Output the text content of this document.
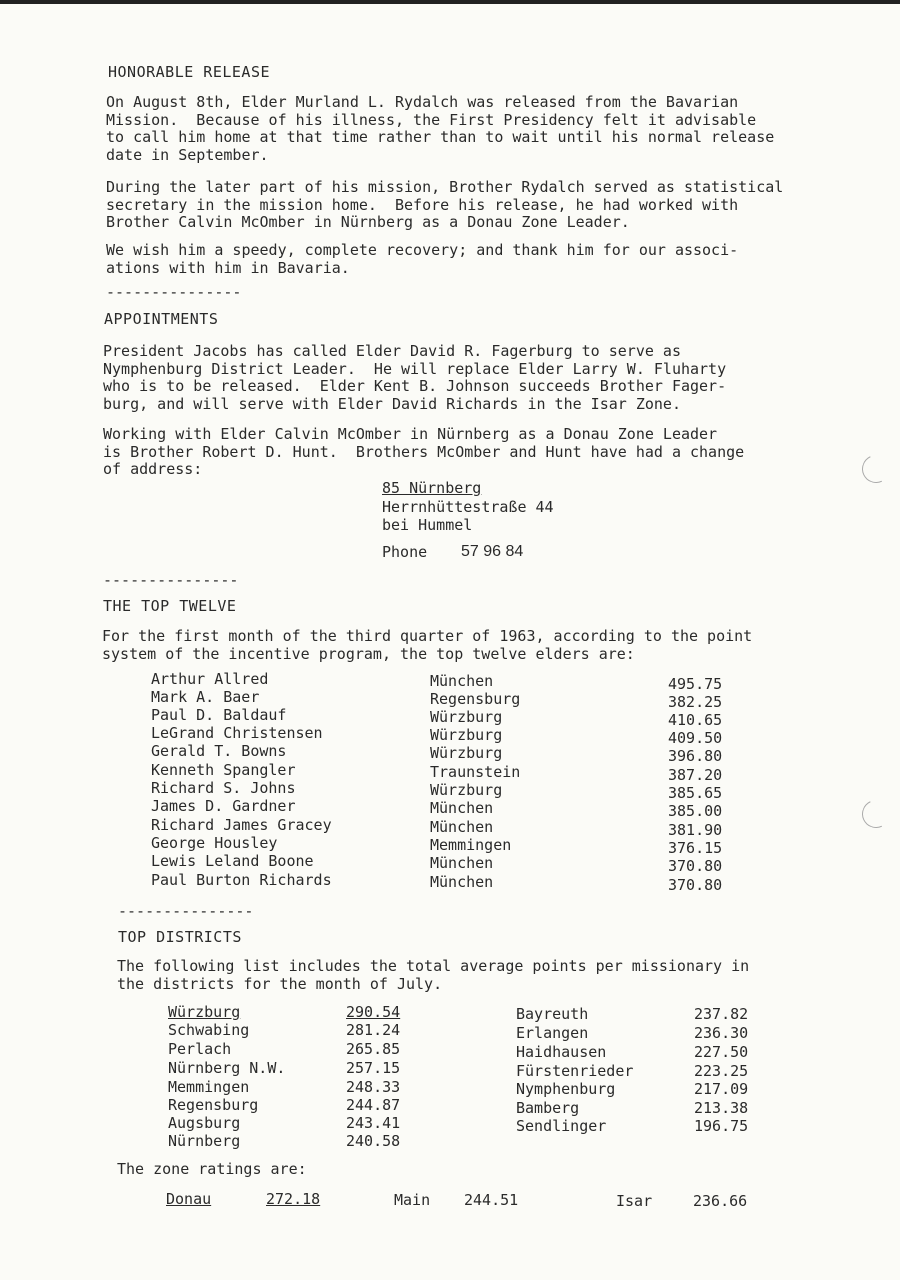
HONORABLE RELEASE
On August 8th, Elder Murland L. Rydalch was released from the Bavarian
Mission.  Because of his illness, the First Presidency felt it advisable
to call him home at that time rather than to wait until his normal release
date in September.
During the later part of his mission, Brother Rydalch served as statistical
secretary in the mission home.  Before his release, he had worked with
Brother Calvin McOmber in Nürnberg as a Donau Zone Leader.
We wish him a speedy, complete recovery; and thank him for our associ-
ations with him in Bavaria.
---------------
APPOINTMENTS
President Jacobs has called Elder David R. Fagerburg to serve as
Nymphenburg District Leader.  He will replace Elder Larry W. Fluharty
who is to be released.  Elder Kent B. Johnson succeeds Brother Fager-
burg, and will serve with Elder David Richards in the Isar Zone.
Working with Elder Calvin McOmber in Nürnberg as a Donau Zone Leader
is Brother Robert D. Hunt.  Brothers McOmber and Hunt have had a change
of address:
85 Nürnberg
Herrnhüttestraße 44
bei Hummel
Phone 57 96 84
---------------
THE TOP TWELVE
For the first month of the third quarter of 1963, according to the point
system of the incentive program, the top twelve elders are:
Arthur Allred	München	495.75
Mark A. Baer	Regensburg	382.25
Paul D. Baldauf	Würzburg	410.65
LeGrand Christensen	Würzburg	409.50
Gerald T. Bowns	Würzburg	396.80
Kenneth Spangler	Traunstein	387.20
Richard S. Johns	Würzburg	385.65
James D. Gardner	München	385.00
Richard James Gracey	München	381.90
George Housley	Memmingen	376.15
Lewis Leland Boone	München	370.80
Paul Burton Richards	München	370.80
---------------
TOP DISTRICTS
The following list includes the total average points per missionary in
the districts for the month of July.
Würzburg	290.54
Schwabing	281.24
Perlach	265.85
Nürnberg N.W.	257.15
Memmingen	248.33
Regensburg	244.87
Augsburg	243.41
Nürnberg	240.58
Bayreuth	237.82
Erlangen	236.30
Haidhausen	227.50
Fürstenrieder	223.25
Nymphenburg	217.09
Bamberg	213.38
Sendlinger	196.75
The zone ratings are:
Donau	272.18	Main 244.51	Isar	236.66
